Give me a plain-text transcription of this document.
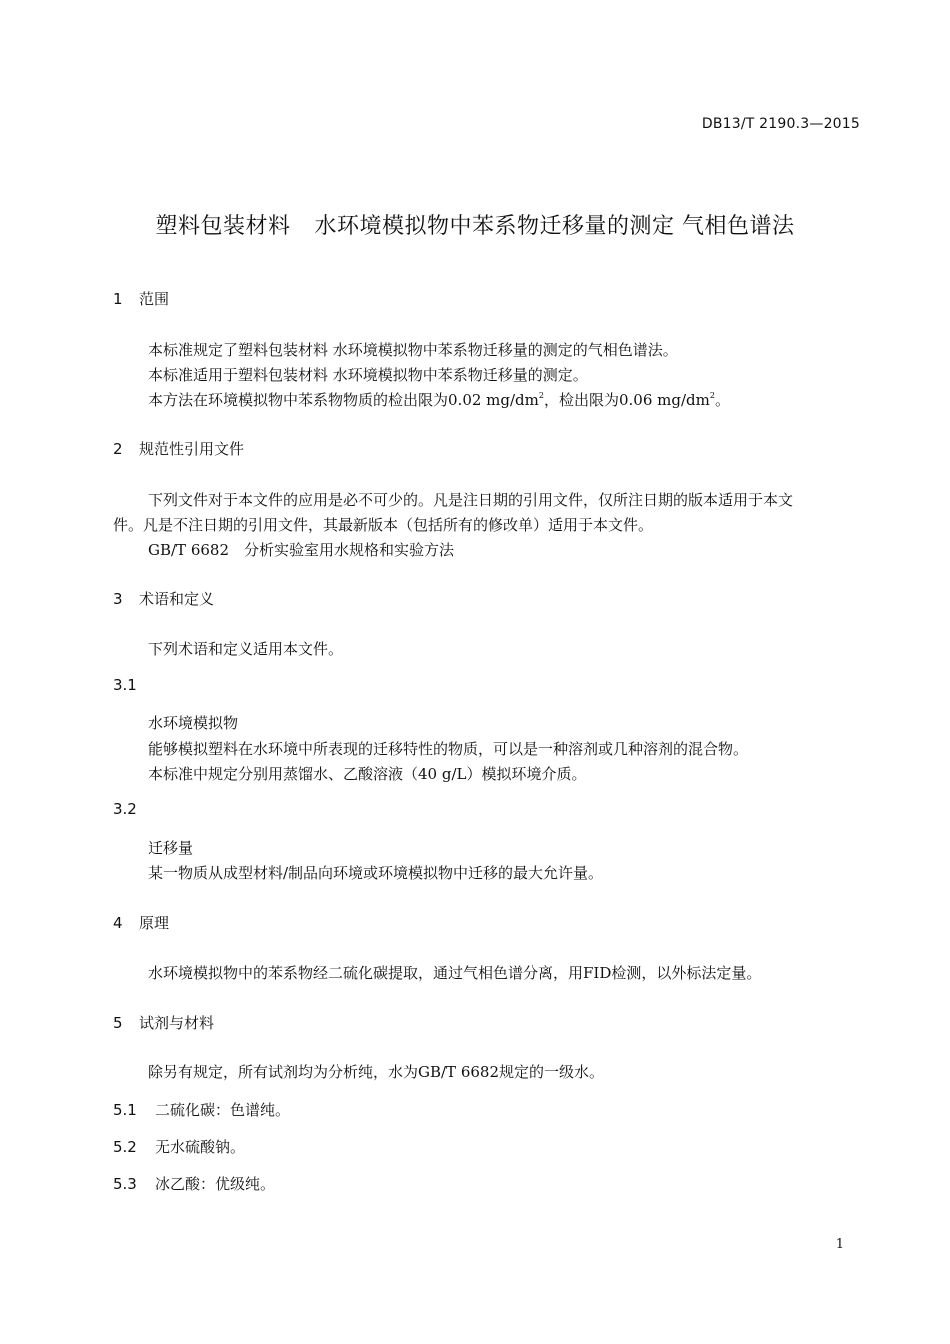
DB13/T 2190.3—2015
塑料包装材料 水环境模拟物中苯系物迁移量的测定 气相色谱法
1 范围
本标准规定了塑料包装材料 水环境模拟物中苯系物迁移量的测定的气相色谱法。
本标准适用于塑料包装材料 水环境模拟物中苯系物迁移量的测定。
本方法在环境模拟物中苯系物物质的检出限为0.02 $mg/dm^2$，检出限为0.06 $mg/dm^2$。
2 规范性引用文件
下列文件对于本文件的应用是必不可少的。凡是注日期的引用文件，仅所注日期的版本适用于本文
件。凡是不注日期的引用文件，其最新版本（包括所有的修改单）适用于本文件。
GB/T 6682　分析实验室用水规格和实验方法
3 术语和定义
下列术语和定义适用本文件。
3.1
水环境模拟物
能够模拟塑料在水环境中所表现的迁移特性的物质，可以是一种溶剂或几种溶剂的混合物。
本标准中规定分别用蒸馏水、乙酸溶液（40 g/L）模拟环境介质。
3.2
迁移量
某一物质从成型材料/制品向环境或环境模拟物中迁移的最大允许量。
4 原理
水环境模拟物中的苯系物经二硫化碳提取，通过气相色谱分离，用FID检测，以外标法定量。
5 试剂与材料
除另有规定，所有试剂均为分析纯，水为GB/T 6682规定的一级水。
5.1 二硫化碳：色谱纯。
5.2 无水硫酸钠。
5.3 冰乙酸：优级纯。
1
